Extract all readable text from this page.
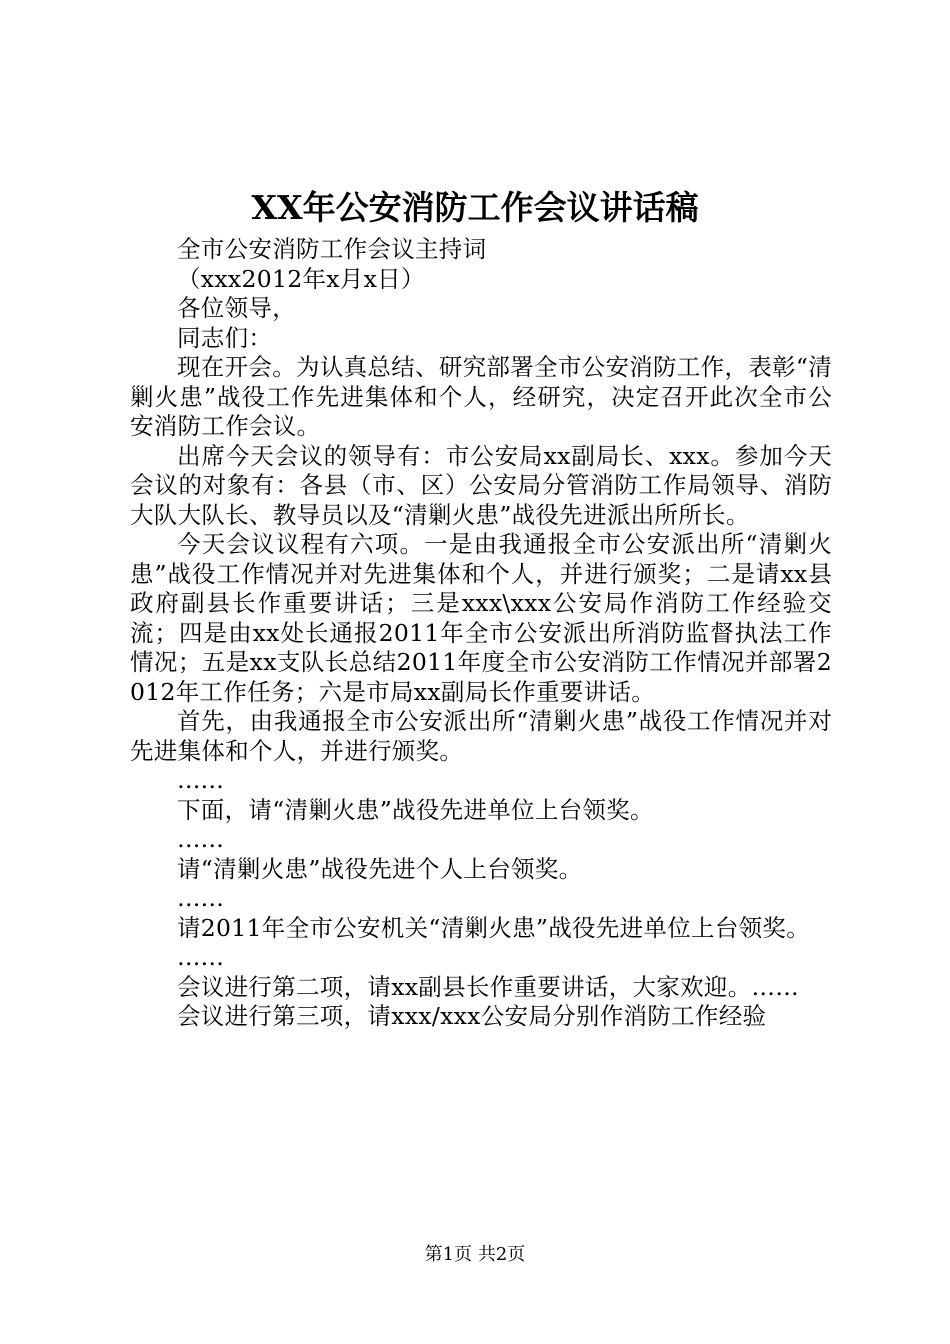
XX年公安消防工作会议讲话稿

全市公安消防工作会议主持词

（xxx2012年x月x日）

各位领导，

同志们：

现在开会。为认真总结、研究部署全市公安消防工作，表彰“清剿火患”战役工作先进集体和个人，经研究，决定召开此次全市公安消防工作会议。

出席今天会议的领导有：市公安局xx副局长、xxx。参加今天会议的对象有：各县（市、区）公安局分管消防工作局领导、消防大队大队长、教导员以及“清剿火患”战役先进派出所所长。

今天会议议程有六项。一是由我通报全市公安派出所“清剿火患”战役工作情况并对先进集体和个人，并进行颁奖；二是请xx县政府副县长作重要讲话；三是xxx\xxx公安局作消防工作经验交流；四是由xx处长通报2011年全市公安派出所消防监督执法工作情况；五是xx支队长总结2011年度全市公安消防工作情况并部署2012年工作任务；六是市局xx副局长作重要讲话。

首先，由我通报全市公安派出所“清剿火患”战役工作情况并对先进集体和个人，并进行颁奖。

……

下面，请“清剿火患”战役先进单位上台领奖。

……

请“清剿火患”战役先进个人上台领奖。

……

请2011年全市公安机关“清剿火患”战役先进单位上台领奖。

……

会议进行第二项，请xx副县长作重要讲话，大家欢迎。……

会议进行第三项，请xxx/xxx公安局分别作消防工作经验

第1页 共2页
